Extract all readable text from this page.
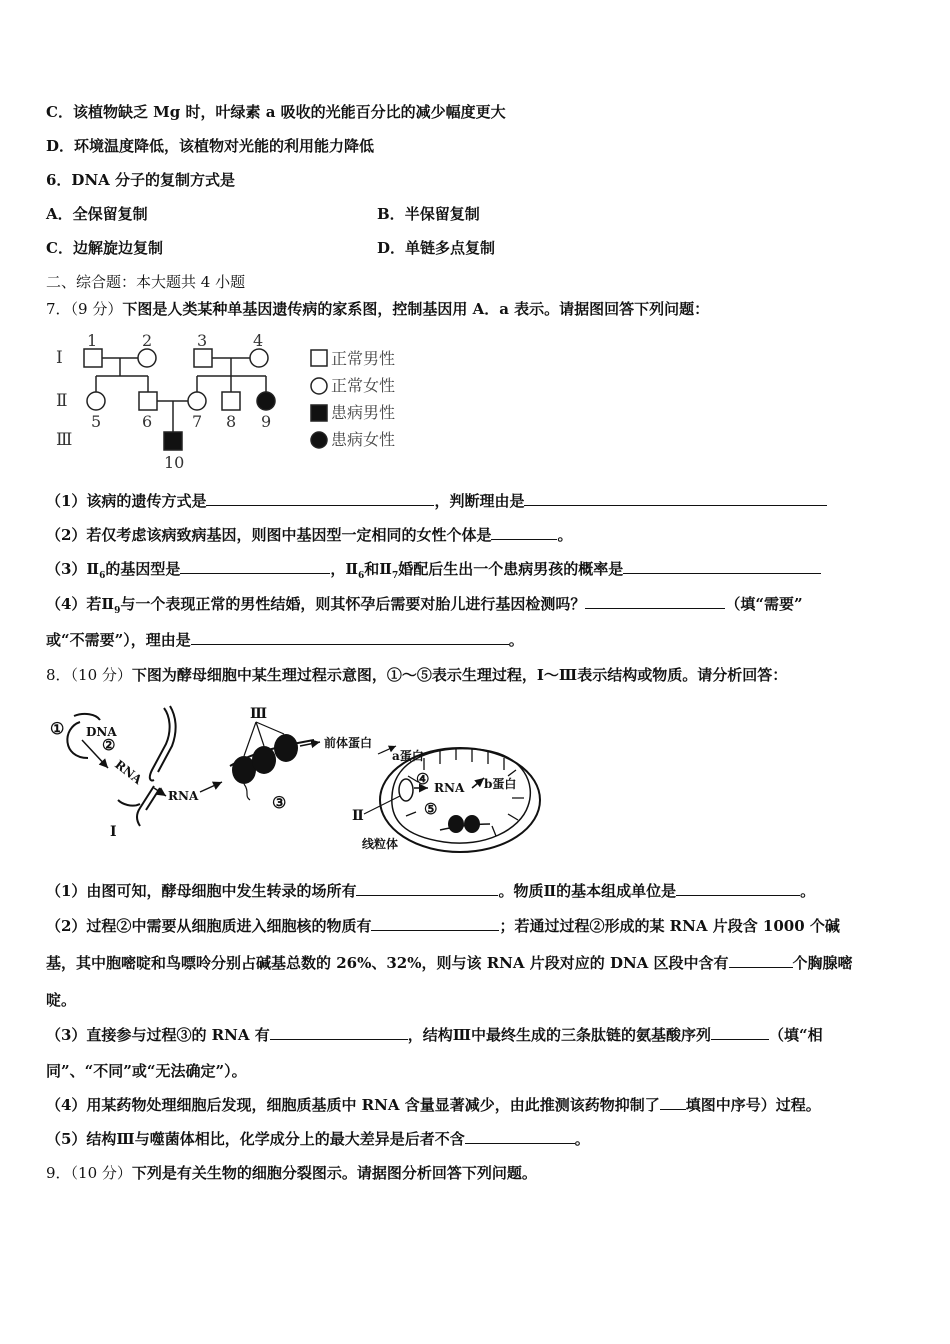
C．该植物缺乏 Mg 时，叶绿素 a 吸收的光能百分比的减少幅度更大
D．环境温度降低，该植物对光能的利用能力降低
6．DNA 分子的复制方式是
A．全保留复制	B．半保留复制
C．边解旋边复制	D．单链多点复制
二、综合题：本大题共 4 小题
7．（9 分）下图是人类某种单基因遗传病的家系图，控制基因用 A．a 表示。请据图回答下列问题：
Ⅰ
Ⅱ
Ⅲ
1	2	3	4
5	6 7 8 9
10
正常男性
正常女性
患病男性
患病女性
（1）该病的遗传方式是	，判断理由是
（2）若仅考虑该病致病基因，则图中基因型一定相同的女性个体是	。
$(3)Ⅱ_6$的基因型是	，$Ⅱ_6$和$Ⅱ_7$婚配后生出一个患病男孩的概率是
（4）若$Ⅱ_9$与一个表现正常的男性结婚，则其怀孕后需要对胎儿进行基因检测吗？	（填“需要”
或“不需要”），理由是	。
8．（10 分）下图为酵母细胞中某生理过程示意图，①～⑤表示生理过程，Ⅰ～Ⅲ表示结构或物质。请分析回答：
① DNA
②
RNA
RNA
Ⅰ
Ⅲ
③
前体蛋白
a蛋白
④ RNA b蛋白
⑤
Ⅱ
线粒体
（1）由图可知，酵母细胞中发生转录的场所有	。物质Ⅱ的基本组成单位是	。
（2）过程②中需要从细胞质进入细胞核的物质有	；若通过过程②形成的某 RNA 片段含 1000 个碱
基，其中胞嘧啶和鸟嘌呤分别占碱基总数的 26%、32%，则与该 RNA 片段对应的 DNA 区段中含有	个胸腺嘧
啶。
（3）直接参与过程③的 RNA 有	，结构Ⅲ中最终生成的三条肽链的氨基酸序列	（填“相
同”、“不同”或“无法确定”）。
（4）用某药物处理细胞后发现，细胞质基质中 RNA 含量显著减少，由此推测该药物抑制了 填图中序号）过程。
（5）结构Ⅲ与噬菌体相比，化学成分上的最大差异是后者不含	。
9．（10 分）下列是有关生物的细胞分裂图示。请据图分析回答下列问题。
